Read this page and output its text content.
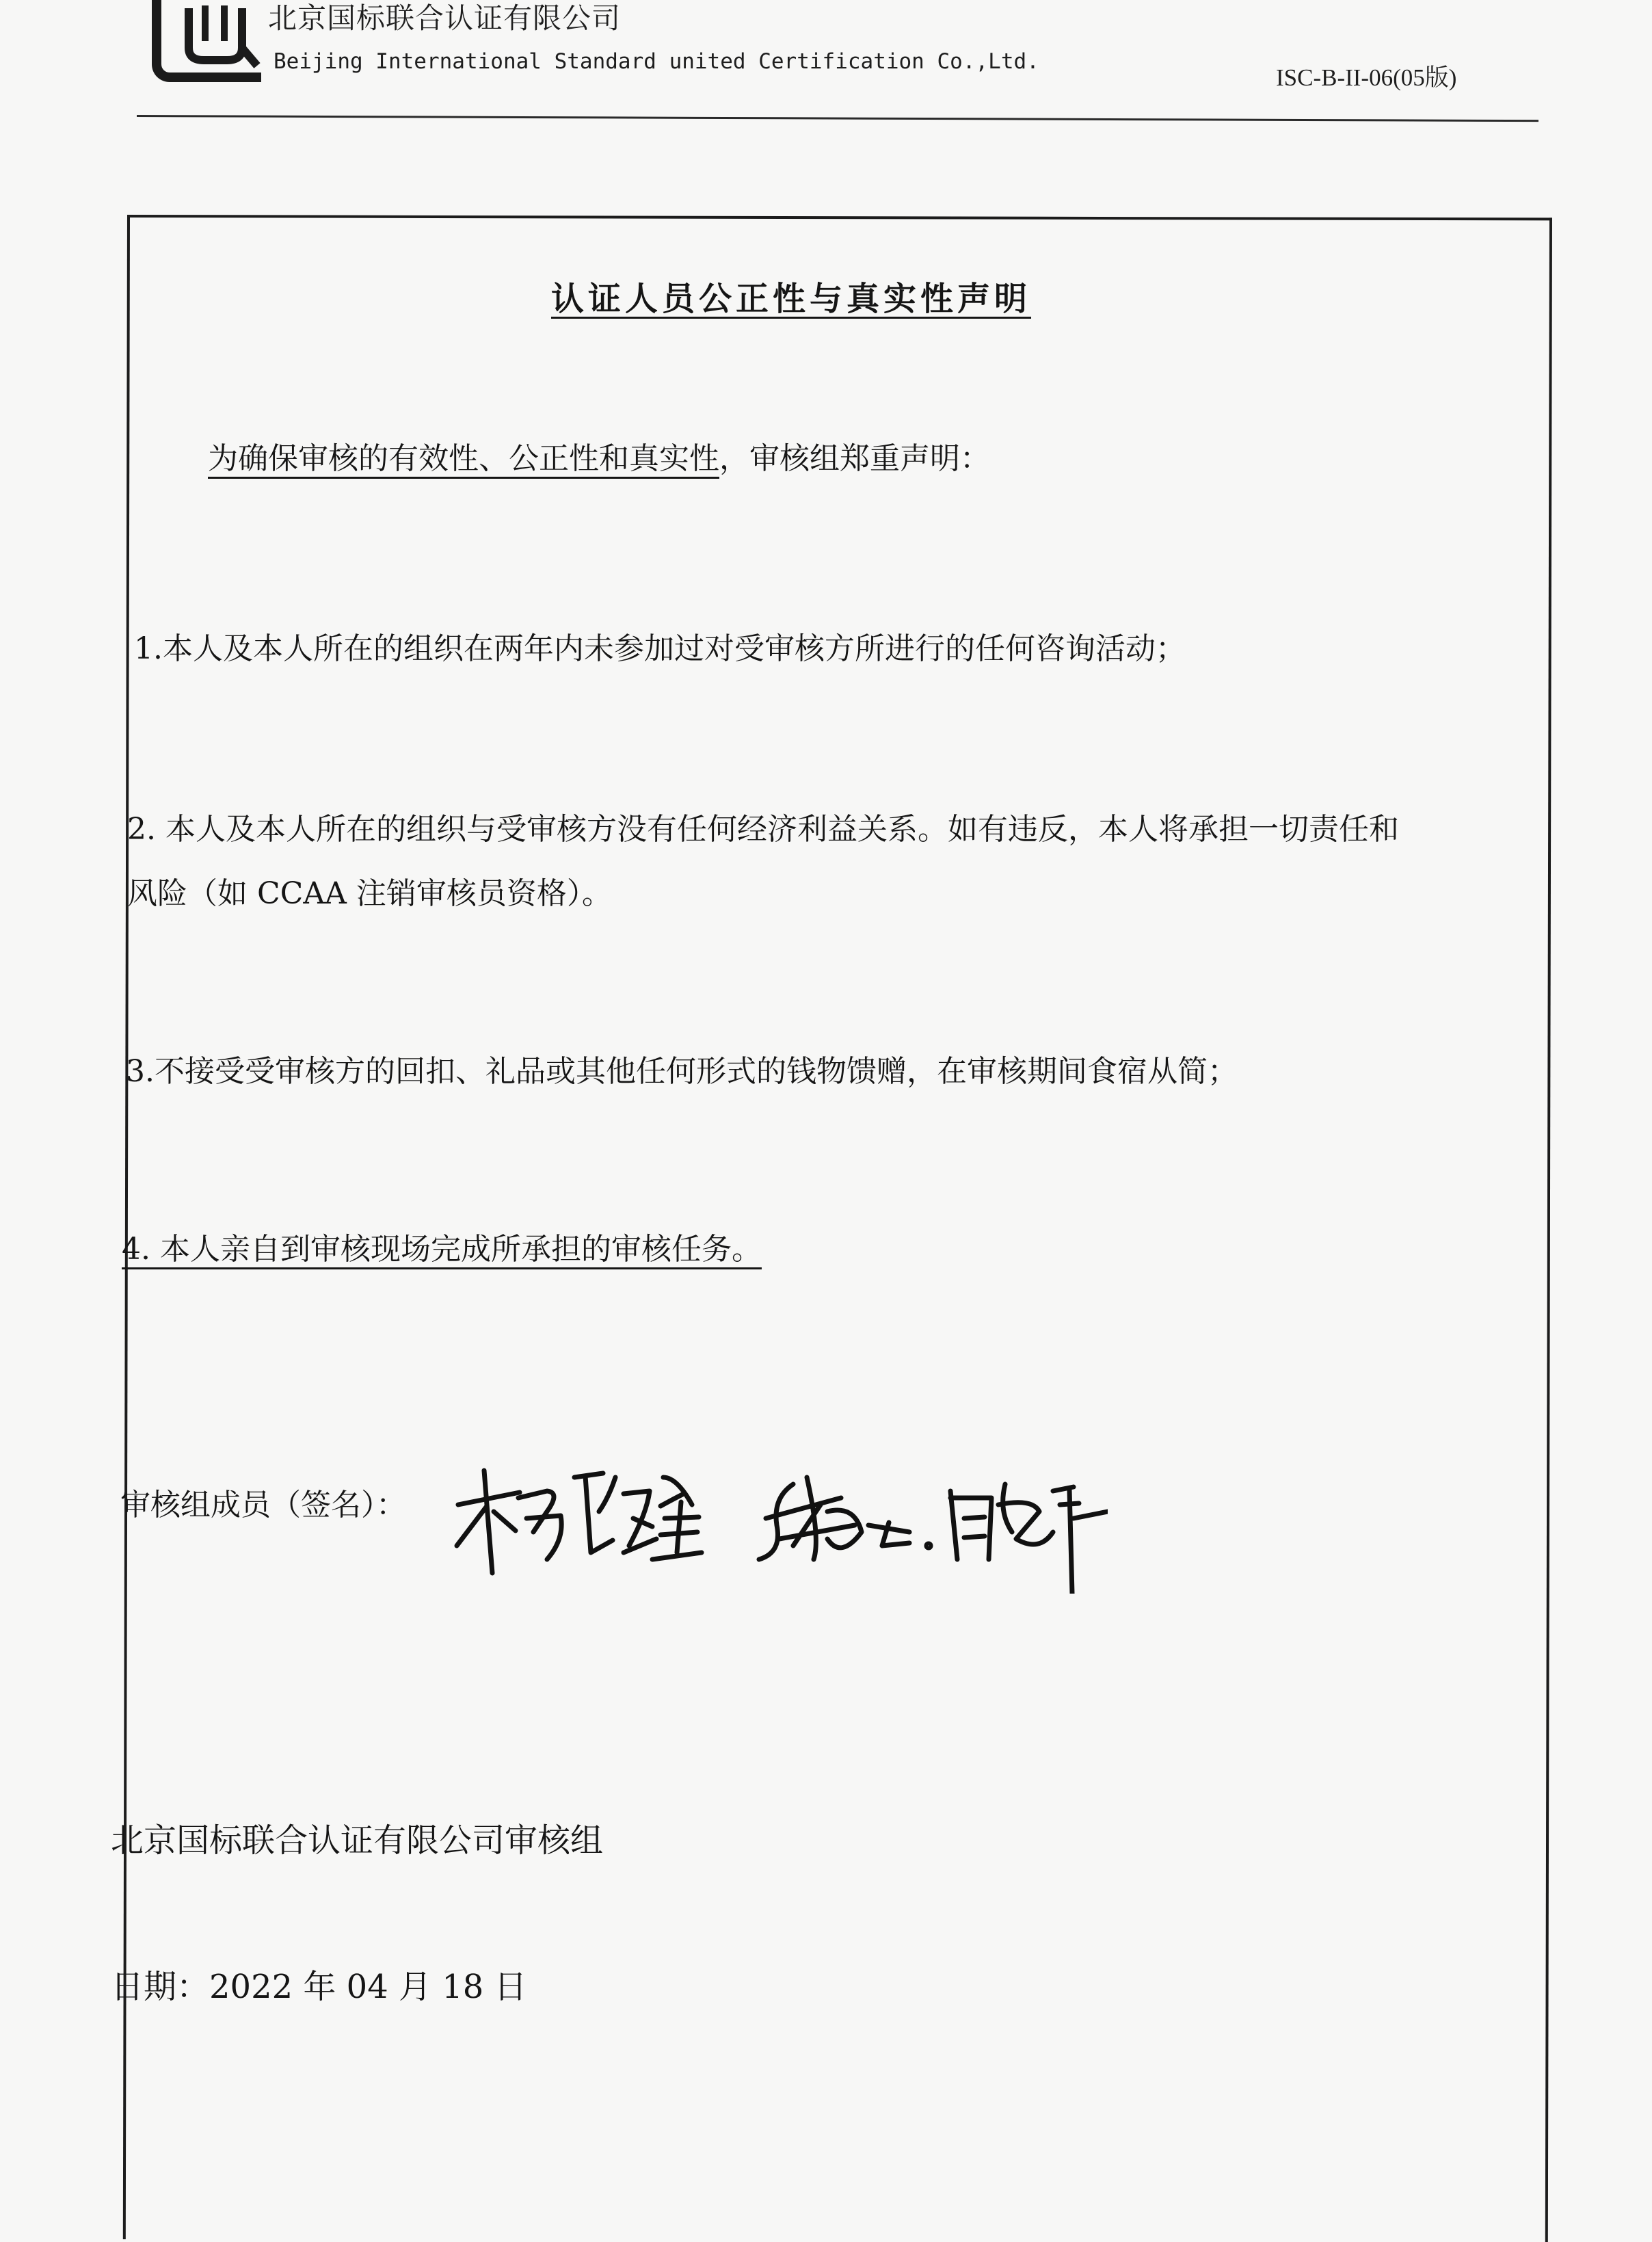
北京国标联合认证有限公司
Beijing International Standard united Certification Co.,Ltd.
ISC-B-II-06(05版)
认证人员公正性与真实性声明
为确保审核的有效性、公正性和真实性，审核组郑重声明：
1.本人及本人所在的组织在两年内未参加过对受审核方所进行的任何咨询活动；
2. 本人及本人所在的组织与受审核方没有任何经济利益关系。如有违反，本人将承担一切责任和
风险（如 CCAA 注销审核员资格）。
3.不接受受审核方的回扣、礼品或其他任何形式的钱物馈赠，在审核期间食宿从简；
4. 本人亲自到审核现场完成所承担的审核任务。
审核组成员（签名）：
北京国标联合认证有限公司审核组
日期：2022 年 04 月 18 日
